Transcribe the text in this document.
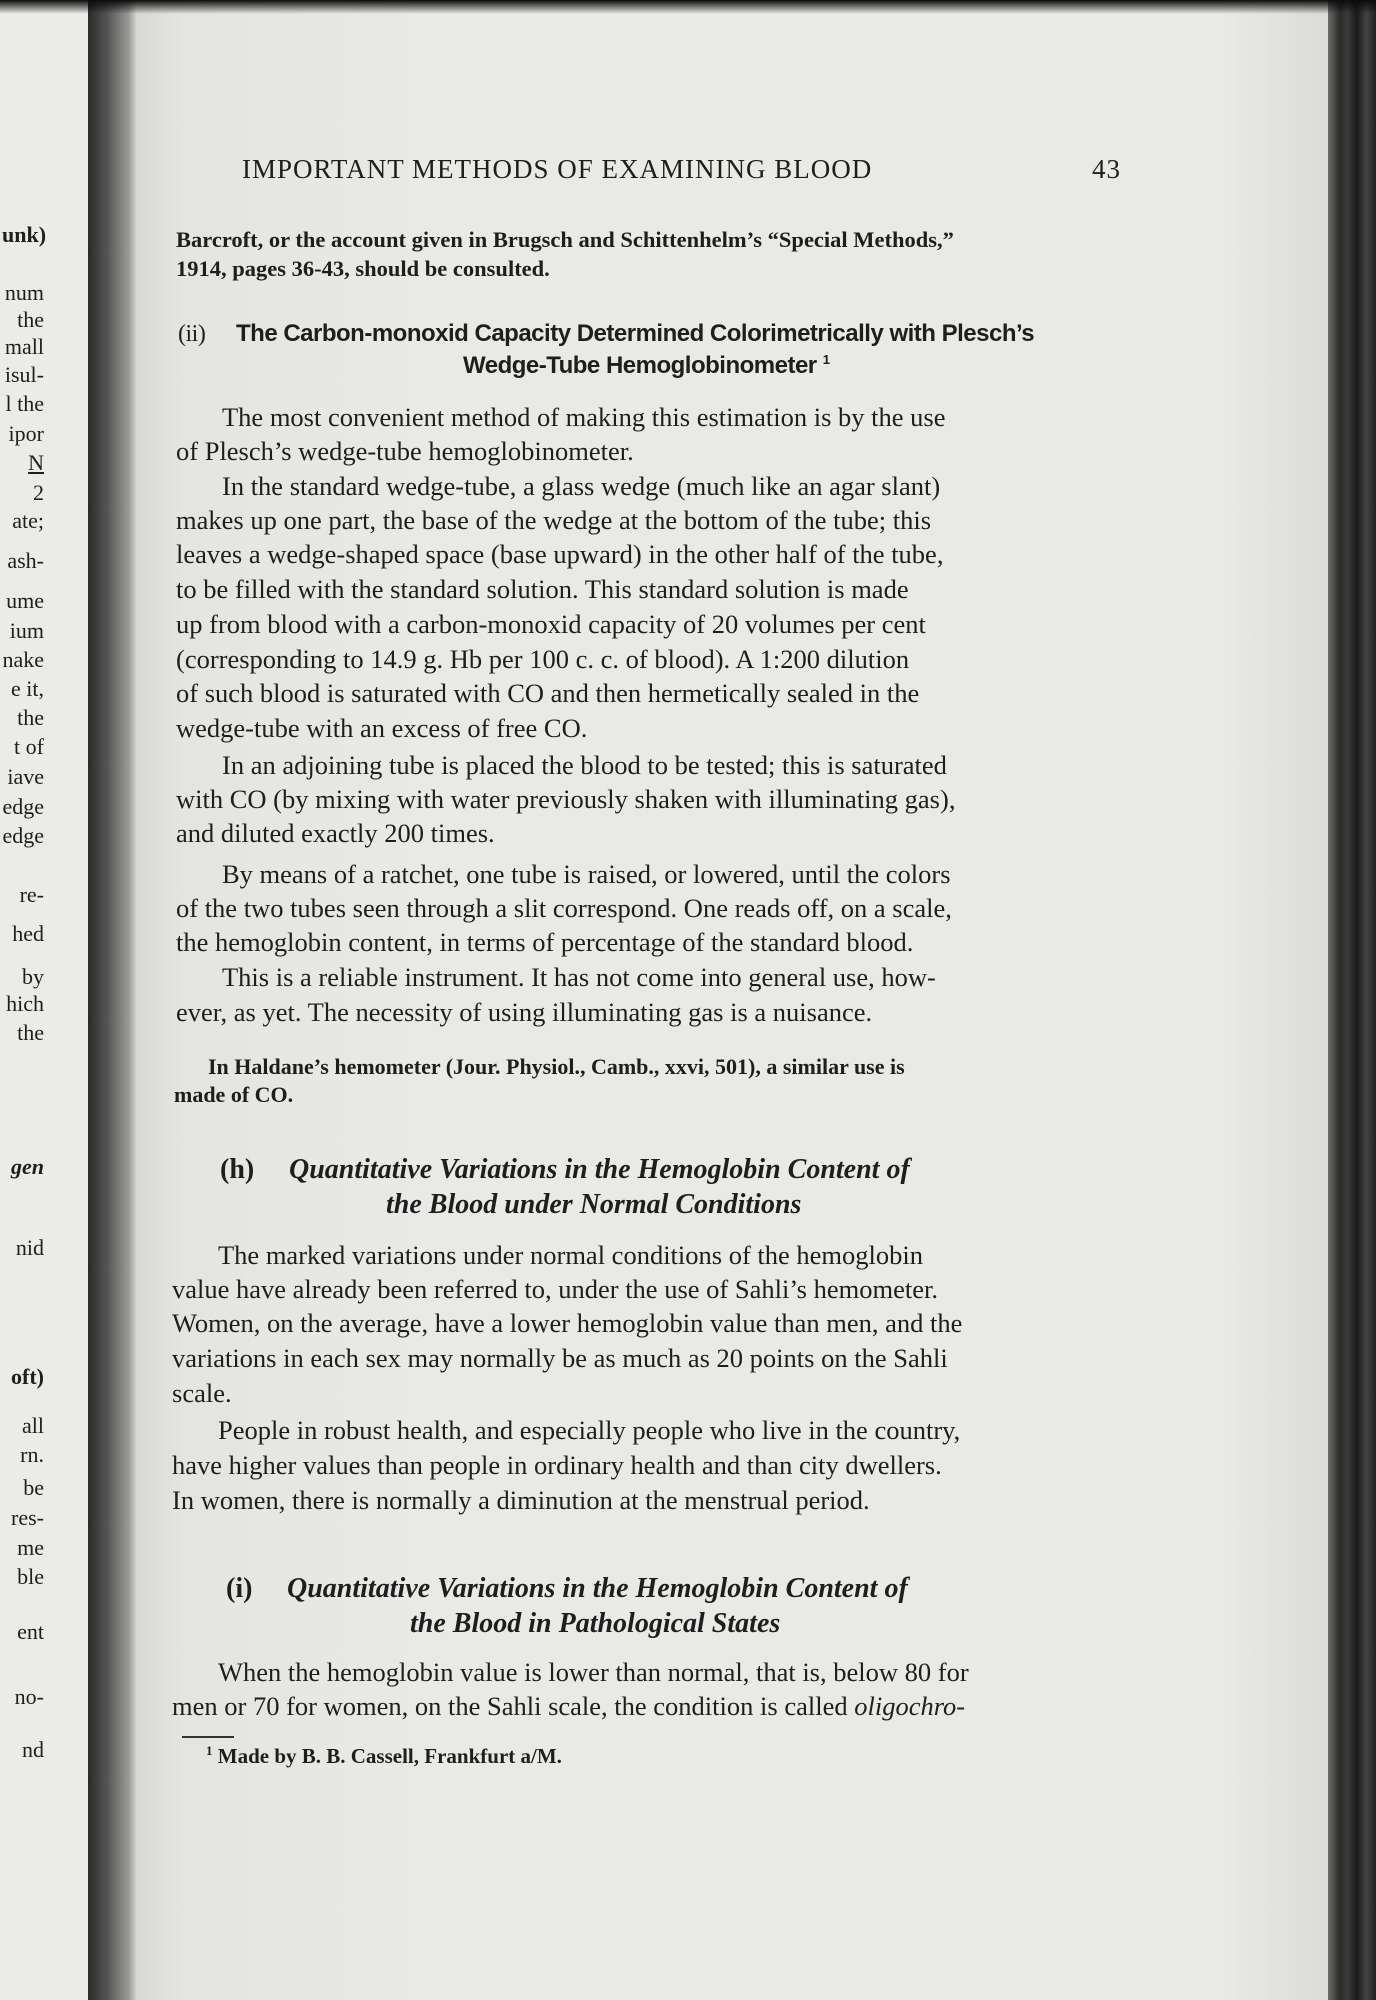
unk)
num
the
mall
isul-
l the
ipor
N
2
ate;
ash-
ume
ium
nake
e it,
the
t of
iave
edge
edge
re-
hed
by
hich
the
gen
nid
oft)
all
rn.
be
res-
me
ble
ent
no-
nd
IMPORTANT METHODS OF EXAMINING BLOOD	43
Barcroft, or the account given in Brugsch and Schittenhelm’s “Special Methods,”
1914, pages 36-43, should be consulted.
(ii) The Carbon-monoxid Capacity Determined Colorimetrically with Plesch’s
Wedge-Tube Hemoglobinometer $^1$
The most convenient method of making this estimation is by the use
of Plesch’s wedge-tube hemoglobinometer.
In the standard wedge-tube, a glass wedge (much like an agar slant)
makes up one part, the base of the wedge at the bottom of the tube; this
leaves a wedge-shaped space (base upward) in the other half of the tube,
to be filled with the standard solution. This standard solution is made
up from blood with a carbon-monoxid capacity of 20 volumes per cent
(corresponding to 14.9 g. Hb per 100 c. c. of blood). A 1:200 dilution
of such blood is saturated with CO and then hermetically sealed in the
wedge-tube with an excess of free CO.
In an adjoining tube is placed the blood to be tested; this is saturated
with CO (by mixing with water previously shaken with illuminating gas),
and diluted exactly 200 times.
By means of a ratchet, one tube is raised, or lowered, until the colors
of the two tubes seen through a slit correspond. One reads off, on a scale,
the hemoglobin content, in terms of percentage of the standard blood.
This is a reliable instrument. It has not come into general use, how-
ever, as yet. The necessity of using illuminating gas is a nuisance.
In Haldane’s hemometer (Jour. Physiol., Camb., xxvi, 501), a similar use is
made of CO.
(h) Quantitative Variations in the Hemoglobin Content of
the Blood under Normal Conditions
The marked variations under normal conditions of the hemoglobin
value have already been referred to, under the use of Sahli’s hemometer.
Women, on the average, have a lower hemoglobin value than men, and the
variations in each sex may normally be as much as 20 points on the Sahli
scale.
People in robust health, and especially people who live in the country,
have higher values than people in ordinary health and than city dwellers.
In women, there is normally a diminution at the menstrual period.
(i) Quantitative Variations in the Hemoglobin Content of
the Blood in Pathological States
When the hemoglobin value is lower than normal, that is, below 80 for
men or 70 for women, on the Sahli scale, the condition is called oligochro-
$^1$ Made by B. B. Cassell, Frankfurt a/M.
